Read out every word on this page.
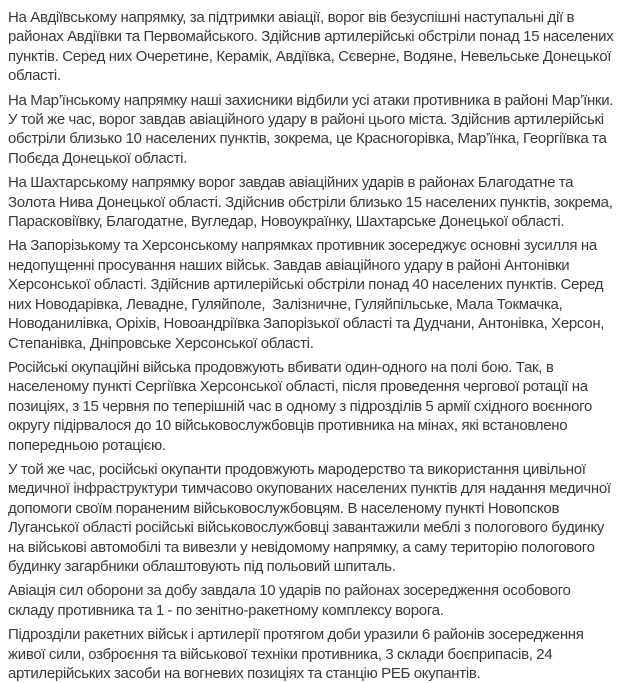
На Авдіївському напрямку, за підтримки авіації, ворог вів безуспішні наступальні дії в районах Авдіївки та Первомайського. Здійснив артилерійські обстріли понад 15 населених пунктів. Серед них Очеретине, Керамік, Авдіївка, Сєверне, Водяне, Невельське Донецької області.

На Мар’їнському напрямку наші захисники відбили усі атаки противника в районі Мар’їнки. У той же час, ворог завдав авіаційного удару в районі цього міста. Здійснив артилерійські обстріли близько 10 населених пунктів, зокрема, це Красногорівка, Мар’їнка, Георгіївка та Побєда Донецької області.

На Шахтарському напрямку ворог завдав авіаційних ударів в районах Благодатне та Золота Нива Донецької області. Здійснив обстріли близько 15 населених пунктів, зокрема, Парасковіївку, Благодатне, Вугледар, Новоукраїнку, Шахтарське Донецької області.

На Запорізькому та Херсонському напрямках противник зосереджує основні зусилля на недопущенні просування наших військ. Завдав авіаційного удару в районі Антонівки Херсонської області. Здійснив артилерійські обстріли понад 40 населених пунктів. Серед них Новодарівка, Левадне, Гуляйполе,  Залізничне, Гуляйпільське, Мала Токмачка, Новоданилівка, Оріхів, Новоандріївка Запорізької області та Дудчани, Антонівка, Херсон, Степанівка, Дніпровське Херсонської області.

Російські окупаційні війська продовжують вбивати один-одного на полі бою. Так, в населеному пункті Сергіївка Херсонської області, після проведення чергової ротації на позиціях, з 15 червня по теперішній час в одному з підрозділів 5 армії східного воєнного округу підірвалося до 10 військовослужбовців противника на мінах, які встановлено попередньою ротацією.

У той же час, російські окупанти продовжують мародерство та використання цивільної медичної інфраструктури тимчасово окупованих населених пунктів для надання медичної допомоги своїм пораненим військовослужбовцям. В населеному пункті Новопсков Луганської області російські військовослужбовці завантажили меблі з пологового будинку на військові автомобілі та вивезли у невідомому напрямку, а саму територію пологового будинку загарбники облаштовують під польовий шпиталь.

Авіація сил оборони за добу завдала 10 ударів по районах зосередження особового складу противника та 1 - по зенітно-ракетному комплексу ворога.

Підрозділи ракетних військ і артилерії протягом доби уразили 6 районів зосередження живої сили, озброєння та військової техніки противника, 3 склади боєприпасів, 24 артилерійських засоби на вогневих позиціях та станцію РЕБ окупантів.
